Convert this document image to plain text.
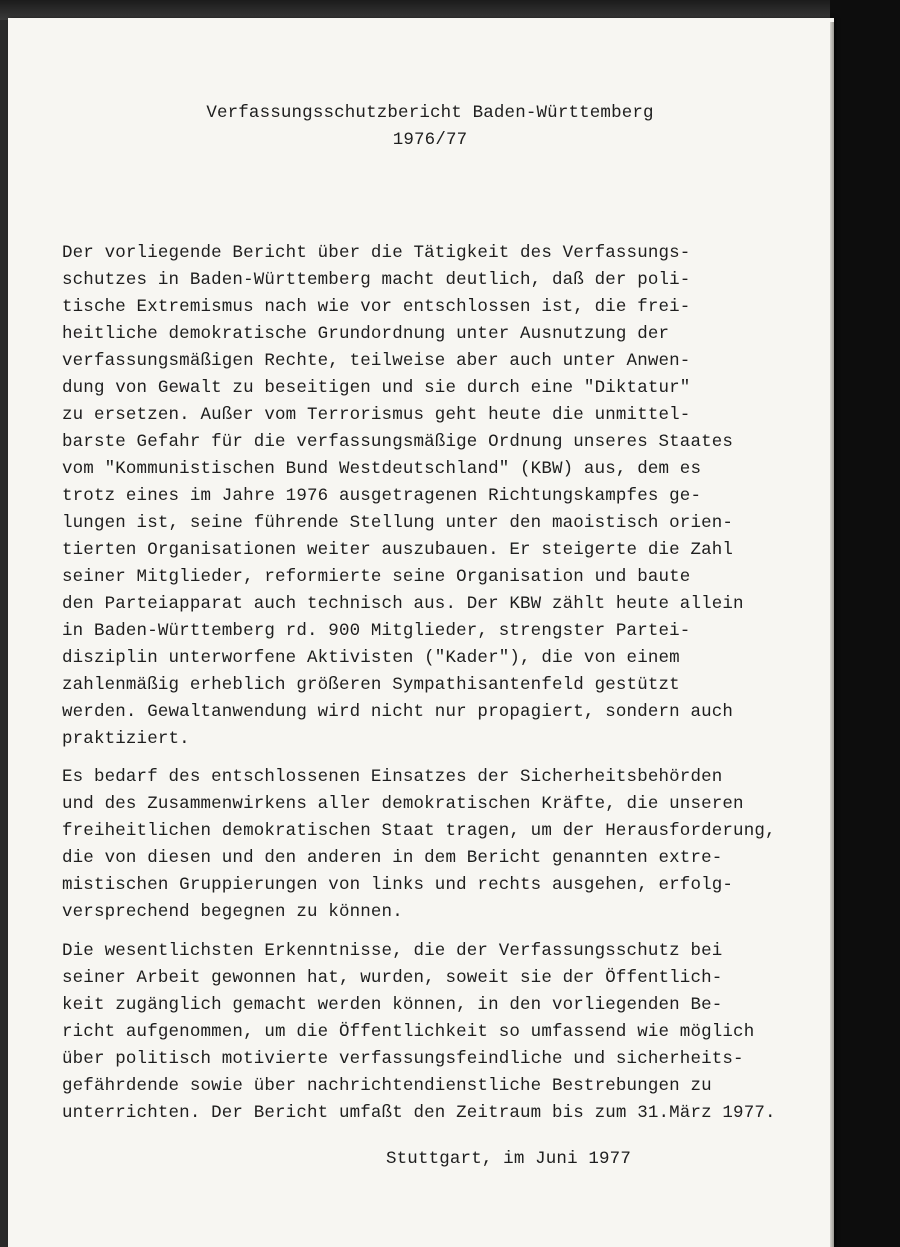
Verfassungsschutzbericht Baden-Württemberg
1976/77
Der vorliegende Bericht über die Tätigkeit des Verfassungs-
schutzes in Baden-Württemberg macht deutlich, daß der poli-
tische Extremismus nach wie vor entschlossen ist, die frei-
heitliche demokratische Grundordnung unter Ausnutzung der
verfassungsmäßigen Rechte, teilweise aber auch unter Anwen-
dung von Gewalt zu beseitigen und sie durch eine "Diktatur"
zu ersetzen. Außer vom Terrorismus geht heute die unmittel-
barste Gefahr für die verfassungsmäßige Ordnung unseres Staates
vom "Kommunistischen Bund Westdeutschland" (KBW) aus, dem es
trotz eines im Jahre 1976 ausgetragenen Richtungskampfes ge-
lungen ist, seine führende Stellung unter den maoistisch orien-
tierten Organisationen weiter auszubauen. Er steigerte die Zahl
seiner Mitglieder, reformierte seine Organisation und baute
den Parteiapparat auch technisch aus. Der KBW zählt heute allein
in Baden-Württemberg rd. 900 Mitglieder, strengster Partei-
disziplin unterworfene Aktivisten ("Kader"), die von einem
zahlenmäßig erheblich größeren Sympathisantenfeld gestützt
werden. Gewaltanwendung wird nicht nur propagiert, sondern auch
praktiziert.
Es bedarf des entschlossenen Einsatzes der Sicherheitsbehörden
und des Zusammenwirkens aller demokratischen Kräfte, die unseren
freiheitlichen demokratischen Staat tragen, um der Herausforderung,
die von diesen und den anderen in dem Bericht genannten extre-
mistischen Gruppierungen von links und rechts ausgehen, erfolg-
versprechend begegnen zu können.
Die wesentlichsten Erkenntnisse, die der Verfassungsschutz bei
seiner Arbeit gewonnen hat, wurden, soweit sie der Öffentlich-
keit zugänglich gemacht werden können, in den vorliegenden Be-
richt aufgenommen, um die Öffentlichkeit so umfassend wie möglich
über politisch motivierte verfassungsfeindliche und sicherheits-
gefährdende sowie über nachrichtendienstliche Bestrebungen zu
unterrichten. Der Bericht umfaßt den Zeitraum bis zum 31.März 1977.
Stuttgart, im Juni 1977
